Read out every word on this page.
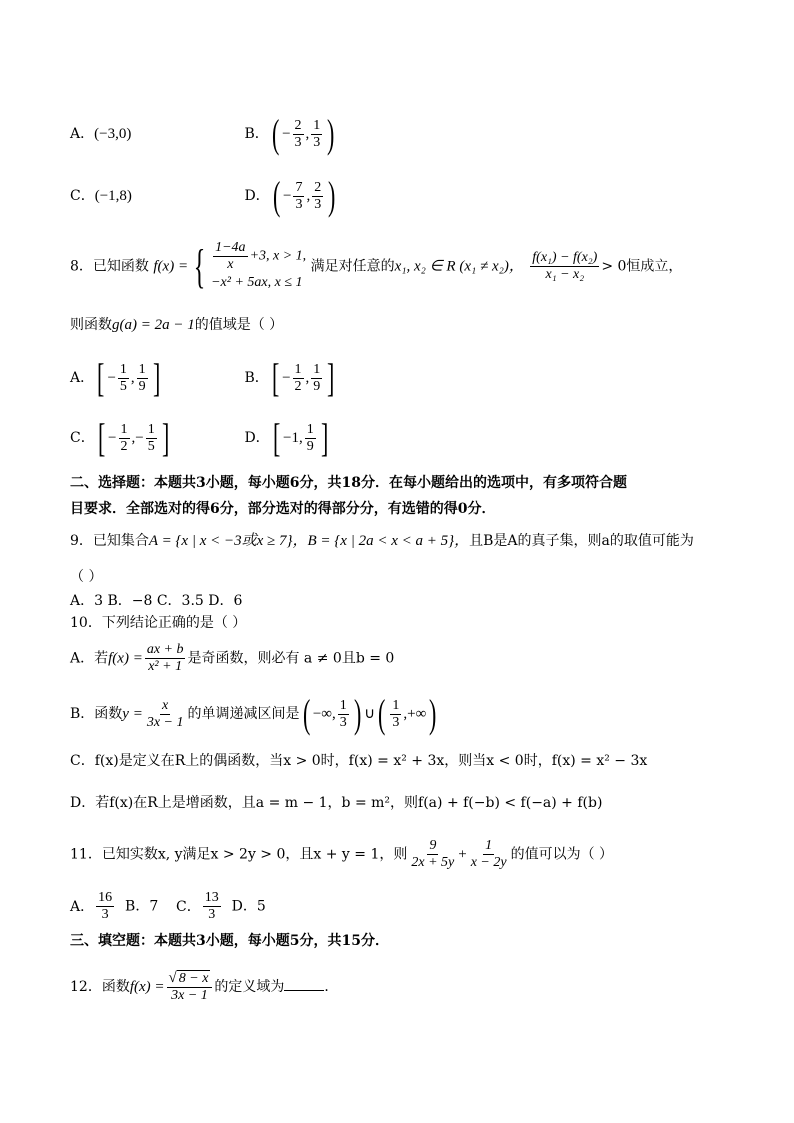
A．(−3,0)	B．( − $\frac{2}{3}$ , $\frac{1}{3}$ )
C．(−1,8)	D．( − $\frac{7}{3}$ , $\frac{2}{3}$ )
8．已知函数 f(x) = { $\frac{1-4a}{x} +3$, x > 1,
−x² + 5ax, x ≤ 1
满足对任意的x₁, x₂ ∈ R (x₁ ≠ x₂)， $\frac{\text{f(x₁) − f(x₂)}}{\text{x₁ − x₂}} > 0$恒成立，
则函数g(a) = 2a − 1的值域是（ ）
A．[ − $\frac{1}{5}$ , $\frac{1}{9}$ ]	B．[ − $\frac{1}{2}$ , $\frac{1}{9}$ ]
C．[ − $\frac{1}{2}$ ,− $\frac{1}{5}$ ]	D．[ −1, $\frac{1}{9}$ ]
二、选择题：本题共3小题，每小题6分，共18分．在每小题给出的选项中，有多项符合题
目要求．全部选对的得6分，部分选对的得部分分，有选错的得0分．
9．已知集合A = {x | x < −3或x ≥ 7}，B = {x | 2a < x < a + 5}，且B是A的真子集，则a的取值可能为
（ ）
A．3 B．−8 C．3.5 D．6
10．下列结论正确的是（ ）
A．若$f(x) = \frac{ax + b}{\text{x² + 1}}$ 是奇函数，则必有 a ≠ 0且b = 0
B．函数$y = \frac{x}{3x - 1}$ 的单调递减区间是( −∞, $\frac{1}{3}$ ) ∪( $\frac{1}{3}$ ,+∞)
C．f(x)是定义在R上的偶函数，当x > 0时，f(x) = x² + 3x，则当x < 0时，f(x) = x² − 3x
D．若f(x)在R上是增函数，且a = m − 1，b = m²，则f(a) + f(−b) < f(−a) + f(b)
11．已知实数x, y满足x > 2y > 0，且x + y = 1，则 $\frac{9}{2x + 5y} + \frac{1}{x - 2y}$ 的值可以为（ ）
A． $\frac{16}{3}$ B．7 C． $\frac{13}{3}$ D．5
三、填空题：本题共3小题，每小题5分，共15分．
12．函数$f(x) = \frac{√ 8 - x}{3x - 1}$ 的定义域为	．
